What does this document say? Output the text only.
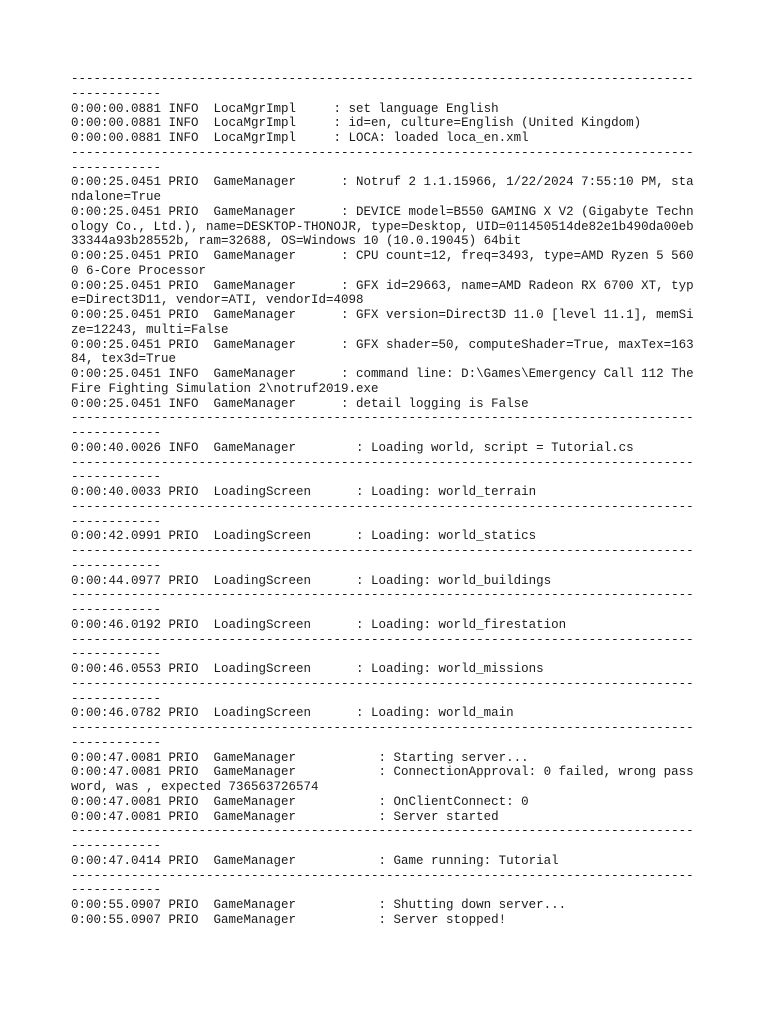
-----------------------------------------------------------------------------------------------
0:00:00.0881 INFO  LocaMgrImpl     : set language English
0:00:00.0881 INFO  LocaMgrImpl     : id=en, culture=English (United Kingdom)
0:00:00.0881 INFO  LocaMgrImpl     : LOCA: loaded loca_en.xml
-----------------------------------------------------------------------------------------------
0:00:25.0451 PRIO  GameManager      : Notruf 2 1.1.15966, 1/22/2024 7:55:10 PM, standalone=True
0:00:25.0451 PRIO  GameManager      : DEVICE model=B550 GAMING X V2 (Gigabyte Technology Co., Ltd.), name=DESKTOP-THONOJR, type=Desktop, UID=011450514de82e1b490da00eb33344a93b28552b, ram=32688, OS=Windows 10 (10.0.19045) 64bit
0:00:25.0451 PRIO  GameManager      : CPU count=12, freq=3493, type=AMD Ryzen 5 5600 6-Core Processor
0:00:25.0451 PRIO  GameManager      : GFX id=29663, name=AMD Radeon RX 6700 XT, type=Direct3D11, vendor=ATI, vendorId=4098
0:00:25.0451 PRIO  GameManager      : GFX version=Direct3D 11.0 [level 11.1], memSize=12243, multi=False
0:00:25.0451 PRIO  GameManager      : GFX shader=50, computeShader=True, maxTex=16384, tex3d=True
0:00:25.0451 INFO  GameManager      : command line: D:\Games\Emergency Call 112 The Fire Fighting Simulation 2\notruf2019.exe
0:00:25.0451 INFO  GameManager      : detail logging is False
-----------------------------------------------------------------------------------------------
0:00:40.0026 INFO  GameManager        : Loading world, script = Tutorial.cs
-----------------------------------------------------------------------------------------------
0:00:40.0033 PRIO  LoadingScreen      : Loading: world_terrain
-----------------------------------------------------------------------------------------------
0:00:42.0991 PRIO  LoadingScreen      : Loading: world_statics
-----------------------------------------------------------------------------------------------
0:00:44.0977 PRIO  LoadingScreen      : Loading: world_buildings
-----------------------------------------------------------------------------------------------
0:00:46.0192 PRIO  LoadingScreen      : Loading: world_firestation
-----------------------------------------------------------------------------------------------
0:00:46.0553 PRIO  LoadingScreen      : Loading: world_missions
-----------------------------------------------------------------------------------------------
0:00:46.0782 PRIO  LoadingScreen      : Loading: world_main
-----------------------------------------------------------------------------------------------
0:00:47.0081 PRIO  GameManager           : Starting server...
0:00:47.0081 PRIO  GameManager           : ConnectionApproval: 0 failed, wrong password, was , expected 736563726574
0:00:47.0081 PRIO  GameManager           : OnClientConnect: 0
0:00:47.0081 PRIO  GameManager           : Server started
-----------------------------------------------------------------------------------------------
0:00:47.0414 PRIO  GameManager           : Game running: Tutorial
-----------------------------------------------------------------------------------------------
0:00:55.0907 PRIO  GameManager           : Shutting down server...
0:00:55.0907 PRIO  GameManager           : Server stopped!
